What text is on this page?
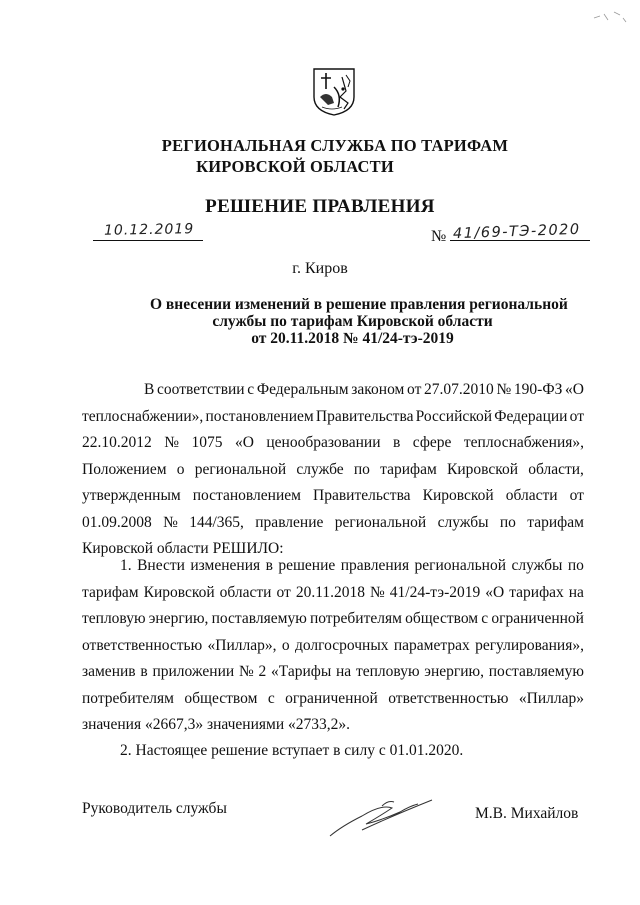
РЕГИОНАЛЬНАЯ СЛУЖБА ПО ТАРИФАМ
КИРОВСКОЙ ОБЛАСТИ
РЕШЕНИЕ ПРАВЛЕНИЯ
10.12.2019	№ 41/69-ТЭ-2020
г. Киров
О внесении изменений в решение правления региональной
службы по тарифам Кировской области
от 20.11.2018 № 41/24-тэ-2019
В соответствии с Федеральным законом от 27.07.2010 № 190-ФЗ «О
теплоснабжении», постановлением Правительства Российской Федерации от
22.10.2012 № 1075 «О ценообразовании в сфере теплоснабжения»,
Положением о региональной службе по тарифам Кировской области,
утвержденным постановлением Правительства Кировской области от
01.09.2008 № 144/365, правление региональной службы по тарифам
Кировской области РЕШИЛО:
1. Внести изменения в решение правления региональной службы по
тарифам Кировской области от 20.11.2018 № 41/24-тэ-2019 «О тарифах на
тепловую энергию, поставляемую потребителям обществом с ограниченной
ответственностью «Пиллар», о долгосрочных параметрах регулирования»,
заменив в приложении № 2 «Тарифы на тепловую энергию, поставляемую
потребителям обществом с ограниченной ответственностью «Пиллар»
значения «2667,3» значениями «2733,2».
2. Настоящее решение вступает в силу с 01.01.2020.
Руководитель службы	М.В. Михайлов
